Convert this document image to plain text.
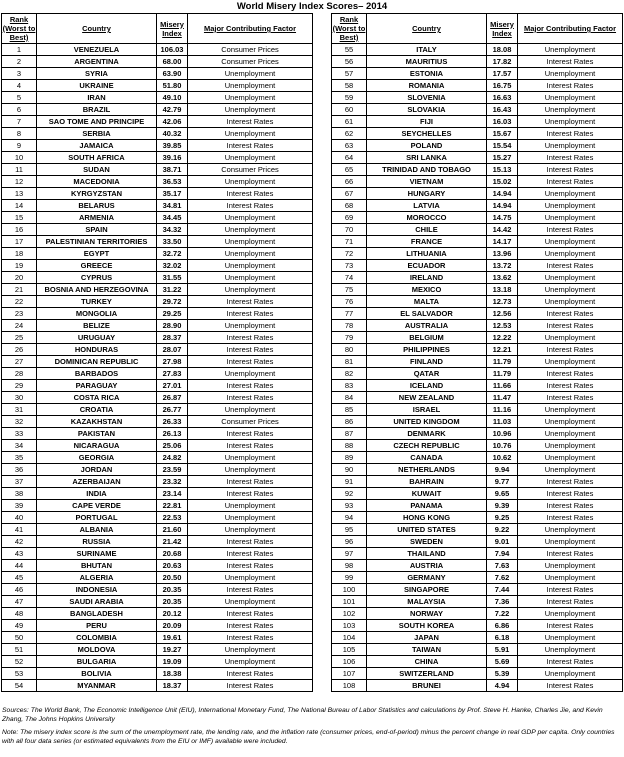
World Misery Index Scores– 2014
Rank (Worst to Best)	Country	Misery Index	Major Contributing Factor
1	VENEZUELA	106.03	Consumer Prices
2	ARGENTINA	68.00	Consumer Prices
3	SYRIA	63.90	Unemployment
4	UKRAINE	51.80	Unemployment
5	IRAN	49.10	Unemployment
6	BRAZIL	42.79	Unemployment
7	SAO TOME AND PRINCIPE	42.06	Interest Rates
8	SERBIA	40.32	Unemployment
9	JAMAICA	39.85	Interest Rates
10	SOUTH AFRICA	39.16	Unemployment
11	SUDAN	38.71	Consumer Prices
12	MACEDONIA	36.53	Unemployment
13	KYRGYZSTAN	35.17	Interest Rates
14	BELARUS	34.81	Interest Rates
15	ARMENIA	34.45	Unemployment
16	SPAIN	34.32	Unemployment
17	PALESTINIAN TERRITORIES	33.50	Unemployment
18	EGYPT	32.72	Unemployment
19	GREECE	32.02	Unemployment
20	CYPRUS	31.55	Unemployment
21	BOSNIA AND HERZEGOVINA	31.22	Unemployment
22	TURKEY	29.72	Interest Rates
23	MONGOLIA	29.25	Interest Rates
24	BELIZE	28.90	Unemployment
25	URUGUAY	28.37	Interest Rates
26	HONDURAS	28.07	Interest Rates
27	DOMINICAN REPUBLIC	27.98	Interest Rates
28	BARBADOS	27.83	Unemployment
29	PARAGUAY	27.01	Interest Rates
30	COSTA RICA	26.87	Interest Rates
31	CROATIA	26.77	Unemployment
32	KAZAKHSTAN	26.33	Consumer Prices
33	PAKISTAN	26.13	Interest Rates
34	NICARAGUA	25.06	Interest Rates
35	GEORGIA	24.82	Unemployment
36	JORDAN	23.59	Unemployment
37	AZERBAIJAN	23.32	Interest Rates
38	INDIA	23.14	Interest Rates
39	CAPE VERDE	22.81	Unemployment
40	PORTUGAL	22.53	Unemployment
41	ALBANIA	21.60	Unemployment
42	RUSSIA	21.42	Interest Rates
43	SURINAME	20.68	Interest Rates
44	BHUTAN	20.63	Interest Rates
45	ALGERIA	20.50	Unemployment
46	INDONESIA	20.35	Interest Rates
47	SAUDI ARABIA	20.35	Unemployment
48	BANGLADESH	20.12	Interest Rates
49	PERU	20.09	Interest Rates
50	COLOMBIA	19.61	Interest Rates
51	MOLDOVA	19.27	Unemployment
52	BULGARIA	19.09	Unemployment
53	BOLIVIA	18.38	Interest Rates
54	MYANMAR	18.37	Interest Rates
Rank (Worst to Best)	Country	Misery Index	Major Contributing Factor
55	ITALY	18.08	Unemployment
56	MAURITIUS	17.82	Interest Rates
57	ESTONIA	17.57	Unemployment
58	ROMANIA	16.75	Interest Rates
59	SLOVENIA	16.63	Unemployment
60	SLOVAKIA	16.43	Unemployment
61	FIJI	16.03	Unemployment
62	SEYCHELLES	15.67	Interest Rates
63	POLAND	15.54	Unemployment
64	SRI LANKA	15.27	Interest Rates
65	TRINIDAD AND TOBAGO	15.13	Interest Rates
66	VIETNAM	15.02	Interest Rates
67	HUNGARY	14.94	Unemployment
68	LATVIA	14.94	Unemployment
69	MOROCCO	14.75	Unemployment
70	CHILE	14.42	Interest Rates
71	FRANCE	14.17	Unemployment
72	LITHUANIA	13.96	Unemployment
73	ECUADOR	13.72	Interest Rates
74	IRELAND	13.62	Unemployment
75	MEXICO	13.18	Unemployment
76	MALTA	12.73	Unemployment
77	EL SALVADOR	12.56	Interest Rates
78	AUSTRALIA	12.53	Interest Rates
79	BELGIUM	12.22	Unemployment
80	PHILIPPINES	12.21	Interest Rates
81	FINLAND	11.79	Unemployment
82	QATAR	11.79	Interest Rates
83	ICELAND	11.66	Interest Rates
84	NEW ZEALAND	11.47	Interest Rates
85	ISRAEL	11.16	Unemployment
86	UNITED KINGDOM	11.03	Unemployment
87	DENMARK	10.96	Unemployment
88	CZECH REPUBLIC	10.76	Unemployment
89	CANADA	10.62	Unemployment
90	NETHERLANDS	9.94	Unemployment
91	BAHRAIN	9.77	Interest Rates
92	KUWAIT	9.65	Interest Rates
93	PANAMA	9.39	Interest Rates
94	HONG KONG	9.25	Interest Rates
95	UNITED STATES	9.22	Unemployment
96	SWEDEN	9.01	Unemployment
97	THAILAND	7.94	Interest Rates
98	AUSTRIA	7.63	Unemployment
99	GERMANY	7.62	Unemployment
100	SINGAPORE	7.44	Interest Rates
101	MALAYSIA	7.36	Interest Rates
102	NORWAY	7.22	Unemployment
103	SOUTH KOREA	6.86	Interest Rates
104	JAPAN	6.18	Unemployment
105	TAIWAN	5.91	Unemployment
106	CHINA	5.69	Interest Rates
107	SWITZERLAND	5.39	Unemployment
108	BRUNEI	4.94	Interest Rates

Sources: The World Bank, The Economic Intelligence Unit (EIU), International Monetary Fund, The National Bureau of Labor Statistics and calculations by Prof. Steve H. Hanke, Charles Jie, and Kevin Zhang, The Johns Hopkins University

Note: The misery index score is the sum of the unemployment rate, the lending rate, and the inflation rate (consumer prices, end-of-period) minus the percent change in real GDP per capita. Only countries with all four data series (or estimated equivalents from the EIU or IMF) available were included.
